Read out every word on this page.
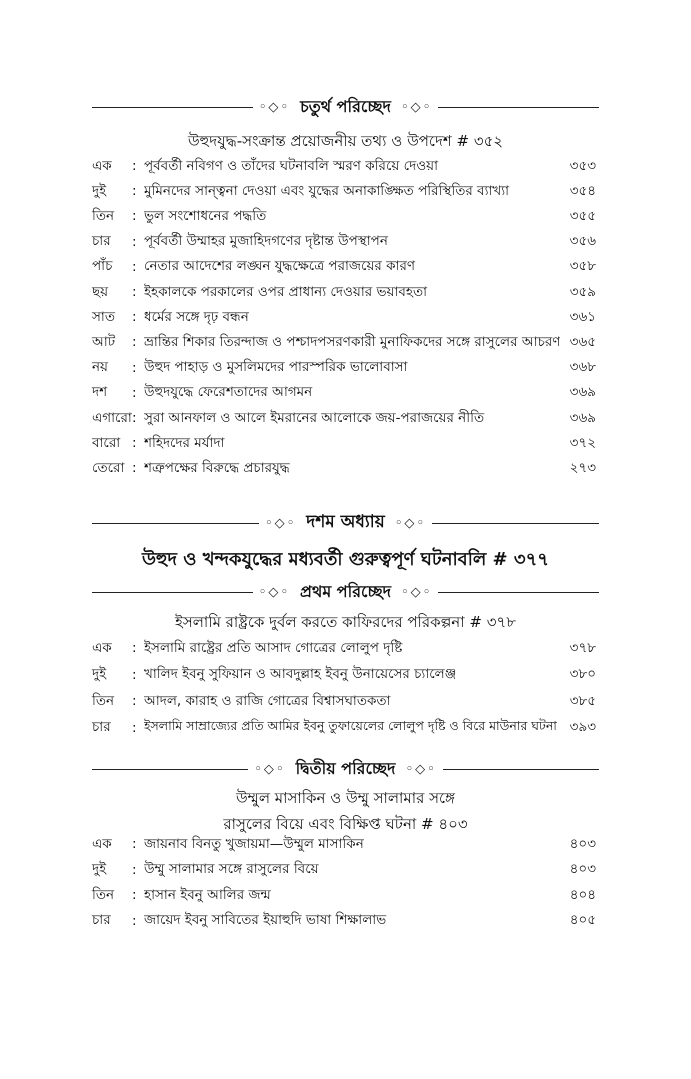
◦◇◦ চতুর্থ পরিচ্ছেদ ◦◇◦
উহুদযুদ্ধ-সংক্রান্ত প্রয়োজনীয় তথ্য ও উপদেশ # ৩৫২
এক	: পূর্ববর্তী নবিগণ ও তাঁদের ঘটনাবলি স্মরণ করিয়ে দেওয়া	৩৫৩
দুই	: মুমিনদের সান্ত্বনা দেওয়া এবং যুদ্ধের অনাকাঙ্ক্ষিত পরিস্থিতির ব্যাখ্যা	৩৫৪
তিন	: ভুল সংশোধনের পদ্ধতি	৩৫৫
চার	: পূর্ববর্তী উম্মাহর মুজাহিদগণের দৃষ্টান্ত উপস্থাপন	৩৫৬
পাঁচ	: নেতার আদেশের লঙ্ঘন যুদ্ধক্ষেত্রে পরাজয়ের কারণ	৩৫৮
ছয়	: ইহকালকে পরকালের ওপর প্রাধান্য দেওয়ার ভয়াবহতা	৩৫৯
সাত	: ধর্মের সঙ্গে দৃঢ় বন্ধন	৩৬১
আট	: ভ্রান্তির শিকার তিরন্দাজ ও পশ্চাদপসরণকারী মুনাফিকদের সঙ্গে রাসুলের আচরণ ৩৬৫
নয়	: উহুদ পাহাড় ও মুসলিমদের পারস্পরিক ভালোবাসা	৩৬৮
দশ	: উহুদযুদ্ধে ফেরেশতাদের আগমন	৩৬৯
এগারো : সুরা আনফাল ও আলে ইমরানের আলোকে জয়-পরাজয়ের নীতি	৩৬৯
বারো : শহিদদের মর্যাদা	৩৭২
তেরো : শত্রুপক্ষের বিরুদ্ধে প্রচারযুদ্ধ	২৭৩
◦◇◦ দশম অধ্যায় ◦◇◦
উহুদ ও খন্দকযুদ্ধের মধ্যবর্তী গুরুত্বপূর্ণ ঘটনাবলি # ৩৭৭
◦◇◦ প্রথম পরিচ্ছেদ ◦◇◦
ইসলামি রাষ্ট্রকে দুর্বল করতে কাফিরদের পরিকল্পনা # ৩৭৮
এক	: ইসলামি রাষ্ট্রের প্রতি আসাদ গোত্রের লোলুপ দৃষ্টি	৩৭৮
দুই	: খালিদ ইবনু সুফিয়ান ও আবদুল্লাহ ইবনু উনায়েসের চ্যালেঞ্জ	৩৮০
তিন	: আদল, কারাহ ও রাজি গোত্রের বিশ্বাসঘাতকতা	৩৮৫
চার	: ইসলামি সাম্রাজ্যের প্রতি আমির ইবনু তুফায়েলের লোলুপ দৃষ্টি ও বিরে মাউনার ঘটনা ৩৯৩
◦◇◦ দ্বিতীয় পরিচ্ছেদ ◦◇◦
উম্মুল মাসাকিন ও উম্মু সালামার সঙ্গে
রাসুলের বিয়ে এবং বিক্ষিপ্ত ঘটনা # ৪০৩
এক	: জায়নাব বিনতু খুজায়মা—উম্মুল মাসাকিন	৪০৩
দুই	: উম্মু সালামার সঙ্গে রাসুলের বিয়ে	৪০৩
তিন	: হাসান ইবনু আলির জন্ম	৪০৪
চার	: জায়েদ ইবনু সাবিতের ইয়াহুদি ভাষা শিক্ষালাভ	৪০৫
